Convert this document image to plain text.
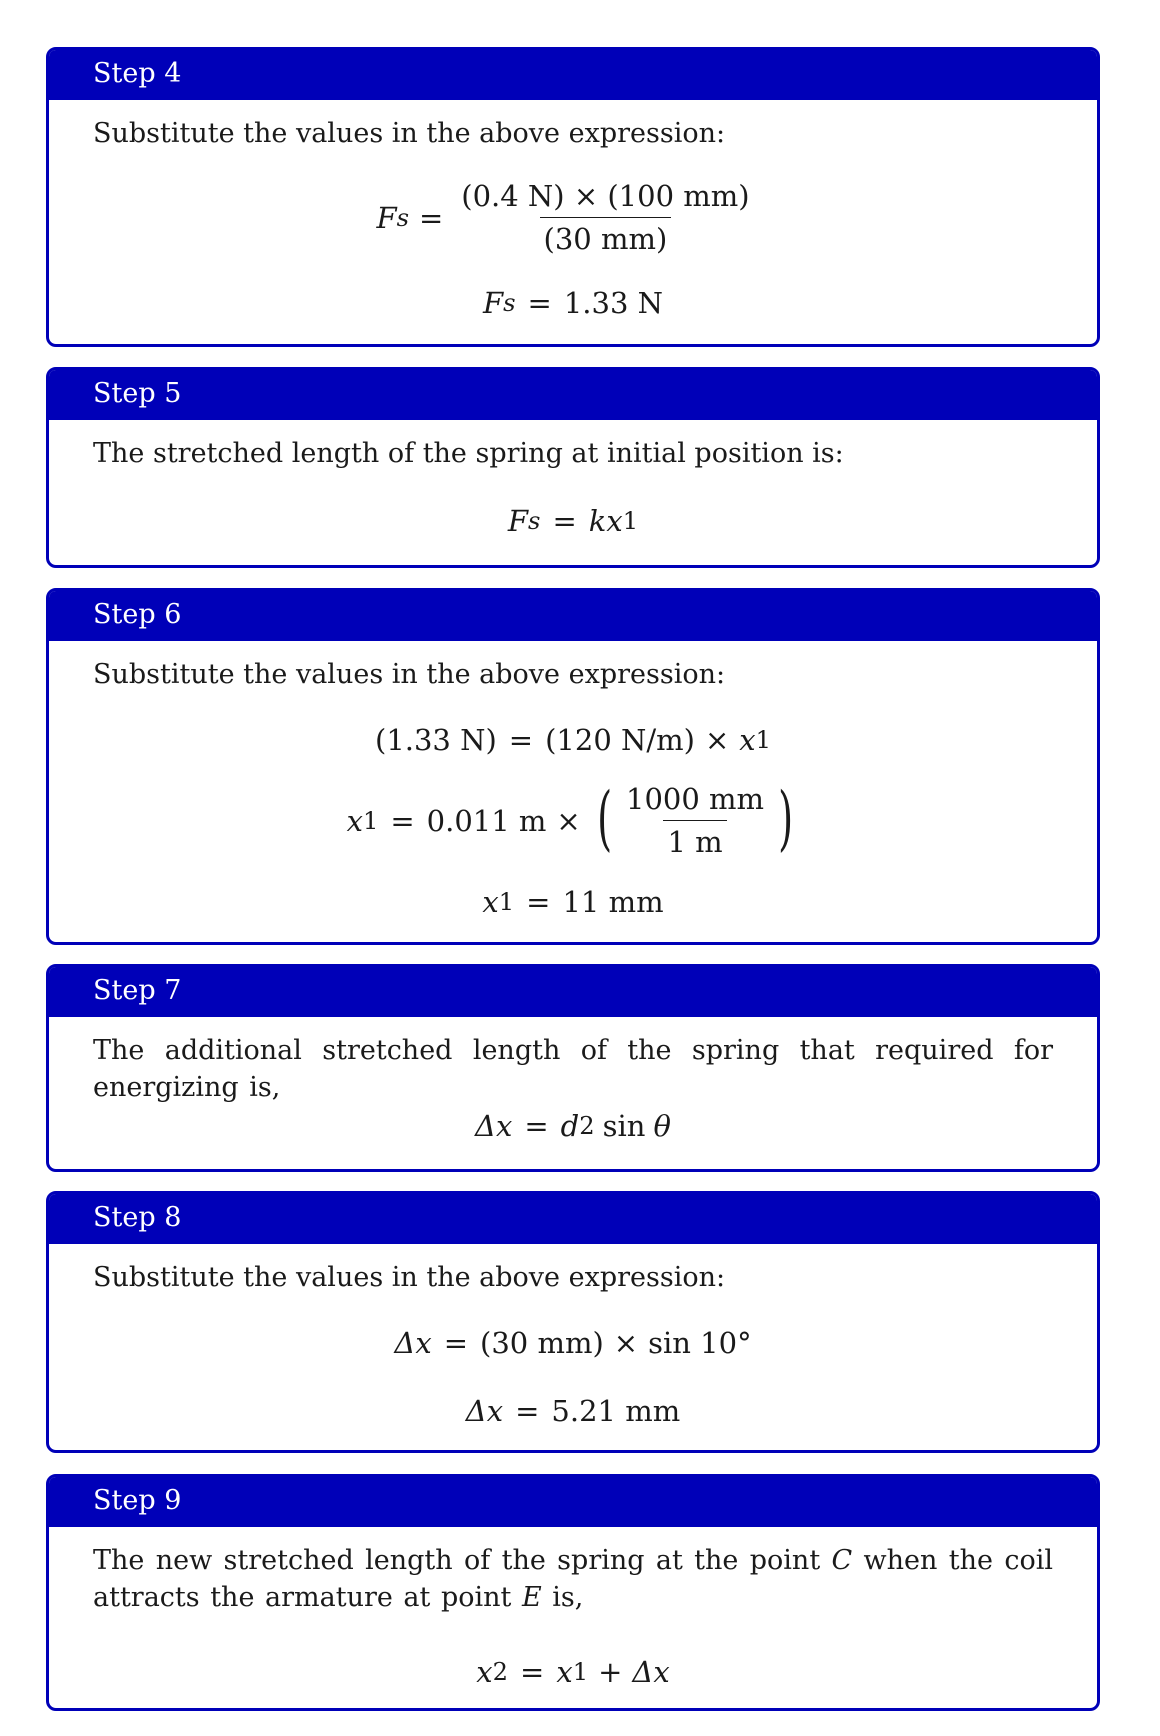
Step 4

Substitute the values in the above expression:

F $s = \frac{(0.4 N) \times (100 mm)}{(30 mm)}$
F s = 1.33 N
Step 5

The stretched length of the spring at initial position is:

F s = k x 1
Step 6

Substitute the values in the above expression:

(1.33 N) = (120 N/m) × x 1
x 1 = 0.011 m × ( $\frac{1000 mm}{1 m}$ )
x 1 = 11 mm
Step 7

The additional stretched length of the spring that required for energizing is,

Δx = d 2 sin θ
Step 8

Substitute the values in the above expression:

Δx = (30 mm) × sin 10°
Δx = 5.21 mm
Step 9

The new stretched length of the spring at the point C when the coil attracts the armature at point E is,

x 2 = x 1 + Δx
